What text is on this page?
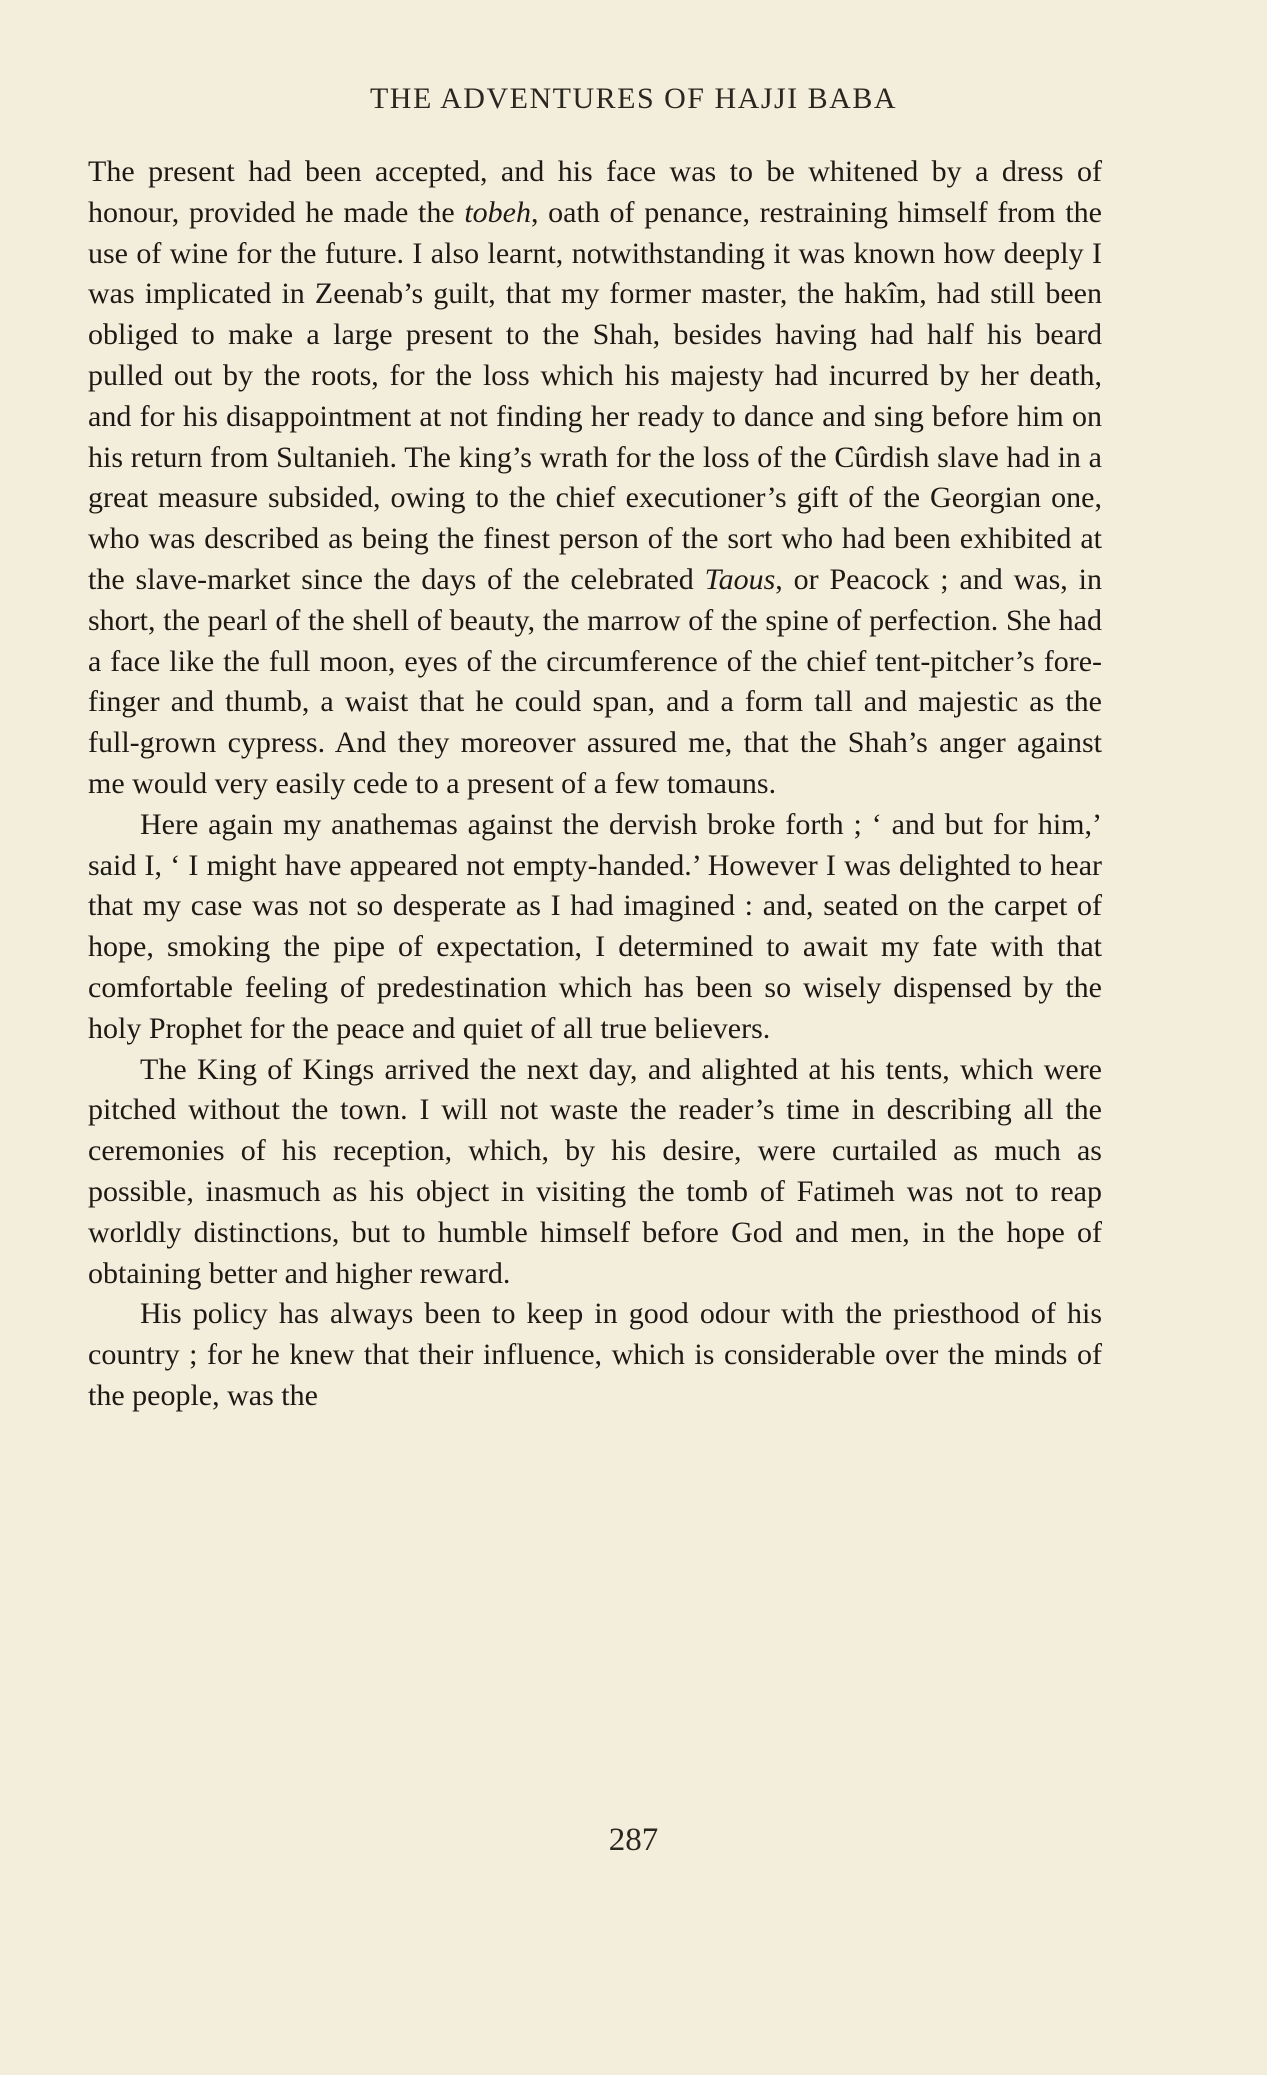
THE ADVENTURES OF HAJJI BABA

The present had been accepted, and his face was to be whitened by a dress of honour, provided he made the tobeh, oath of penance, restraining himself from the use of wine for the future. I also learnt, notwithstanding it was known how deeply I was implicated in Zeenab’s guilt, that my former master, the hakîm, had still been obliged to make a large present to the Shah, besides having had half his beard pulled out by the roots, for the loss which his majesty had incurred by her death, and for his disappointment at not finding her ready to dance and sing before him on his return from Sultanieh. The king’s wrath for the loss of the Cûrdish slave had in a great measure subsided, owing to the chief executioner’s gift of the Georgian one, who was described as being the finest person of the sort who had been exhibited at the slave-market since the days of the celebrated Taous, or Peacock ; and was, in short, the pearl of the shell of beauty, the marrow of the spine of perfection. She had a face like the full moon, eyes of the circumference of the chief tent-pitcher’s fore-finger and thumb, a waist that he could span, and a form tall and majestic as the full-grown cypress. And they moreover assured me, that the Shah’s anger against me would very easily cede to a present of a few tomauns.

Here again my anathemas against the dervish broke forth ; ‘ and but for him,’ said I, ‘ I might have appeared not empty-handed.’ However I was delighted to hear that my case was not so desperate as I had imagined : and, seated on the carpet of hope, smoking the pipe of expectation, I determined to await my fate with that comfortable feeling of predestination which has been so wisely dispensed by the holy Prophet for the peace and quiet of all true believers.

The King of Kings arrived the next day, and alighted at his tents, which were pitched without the town. I will not waste the reader’s time in describing all the ceremonies of his reception, which, by his desire, were curtailed as much as possible, inasmuch as his object in visiting the tomb of Fatimeh was not to reap worldly distinctions, but to humble himself before God and men, in the hope of obtaining better and higher reward.

His policy has always been to keep in good odour with the priesthood of his country ; for he knew that their influence, which is considerable over the minds of the people, was the

287
